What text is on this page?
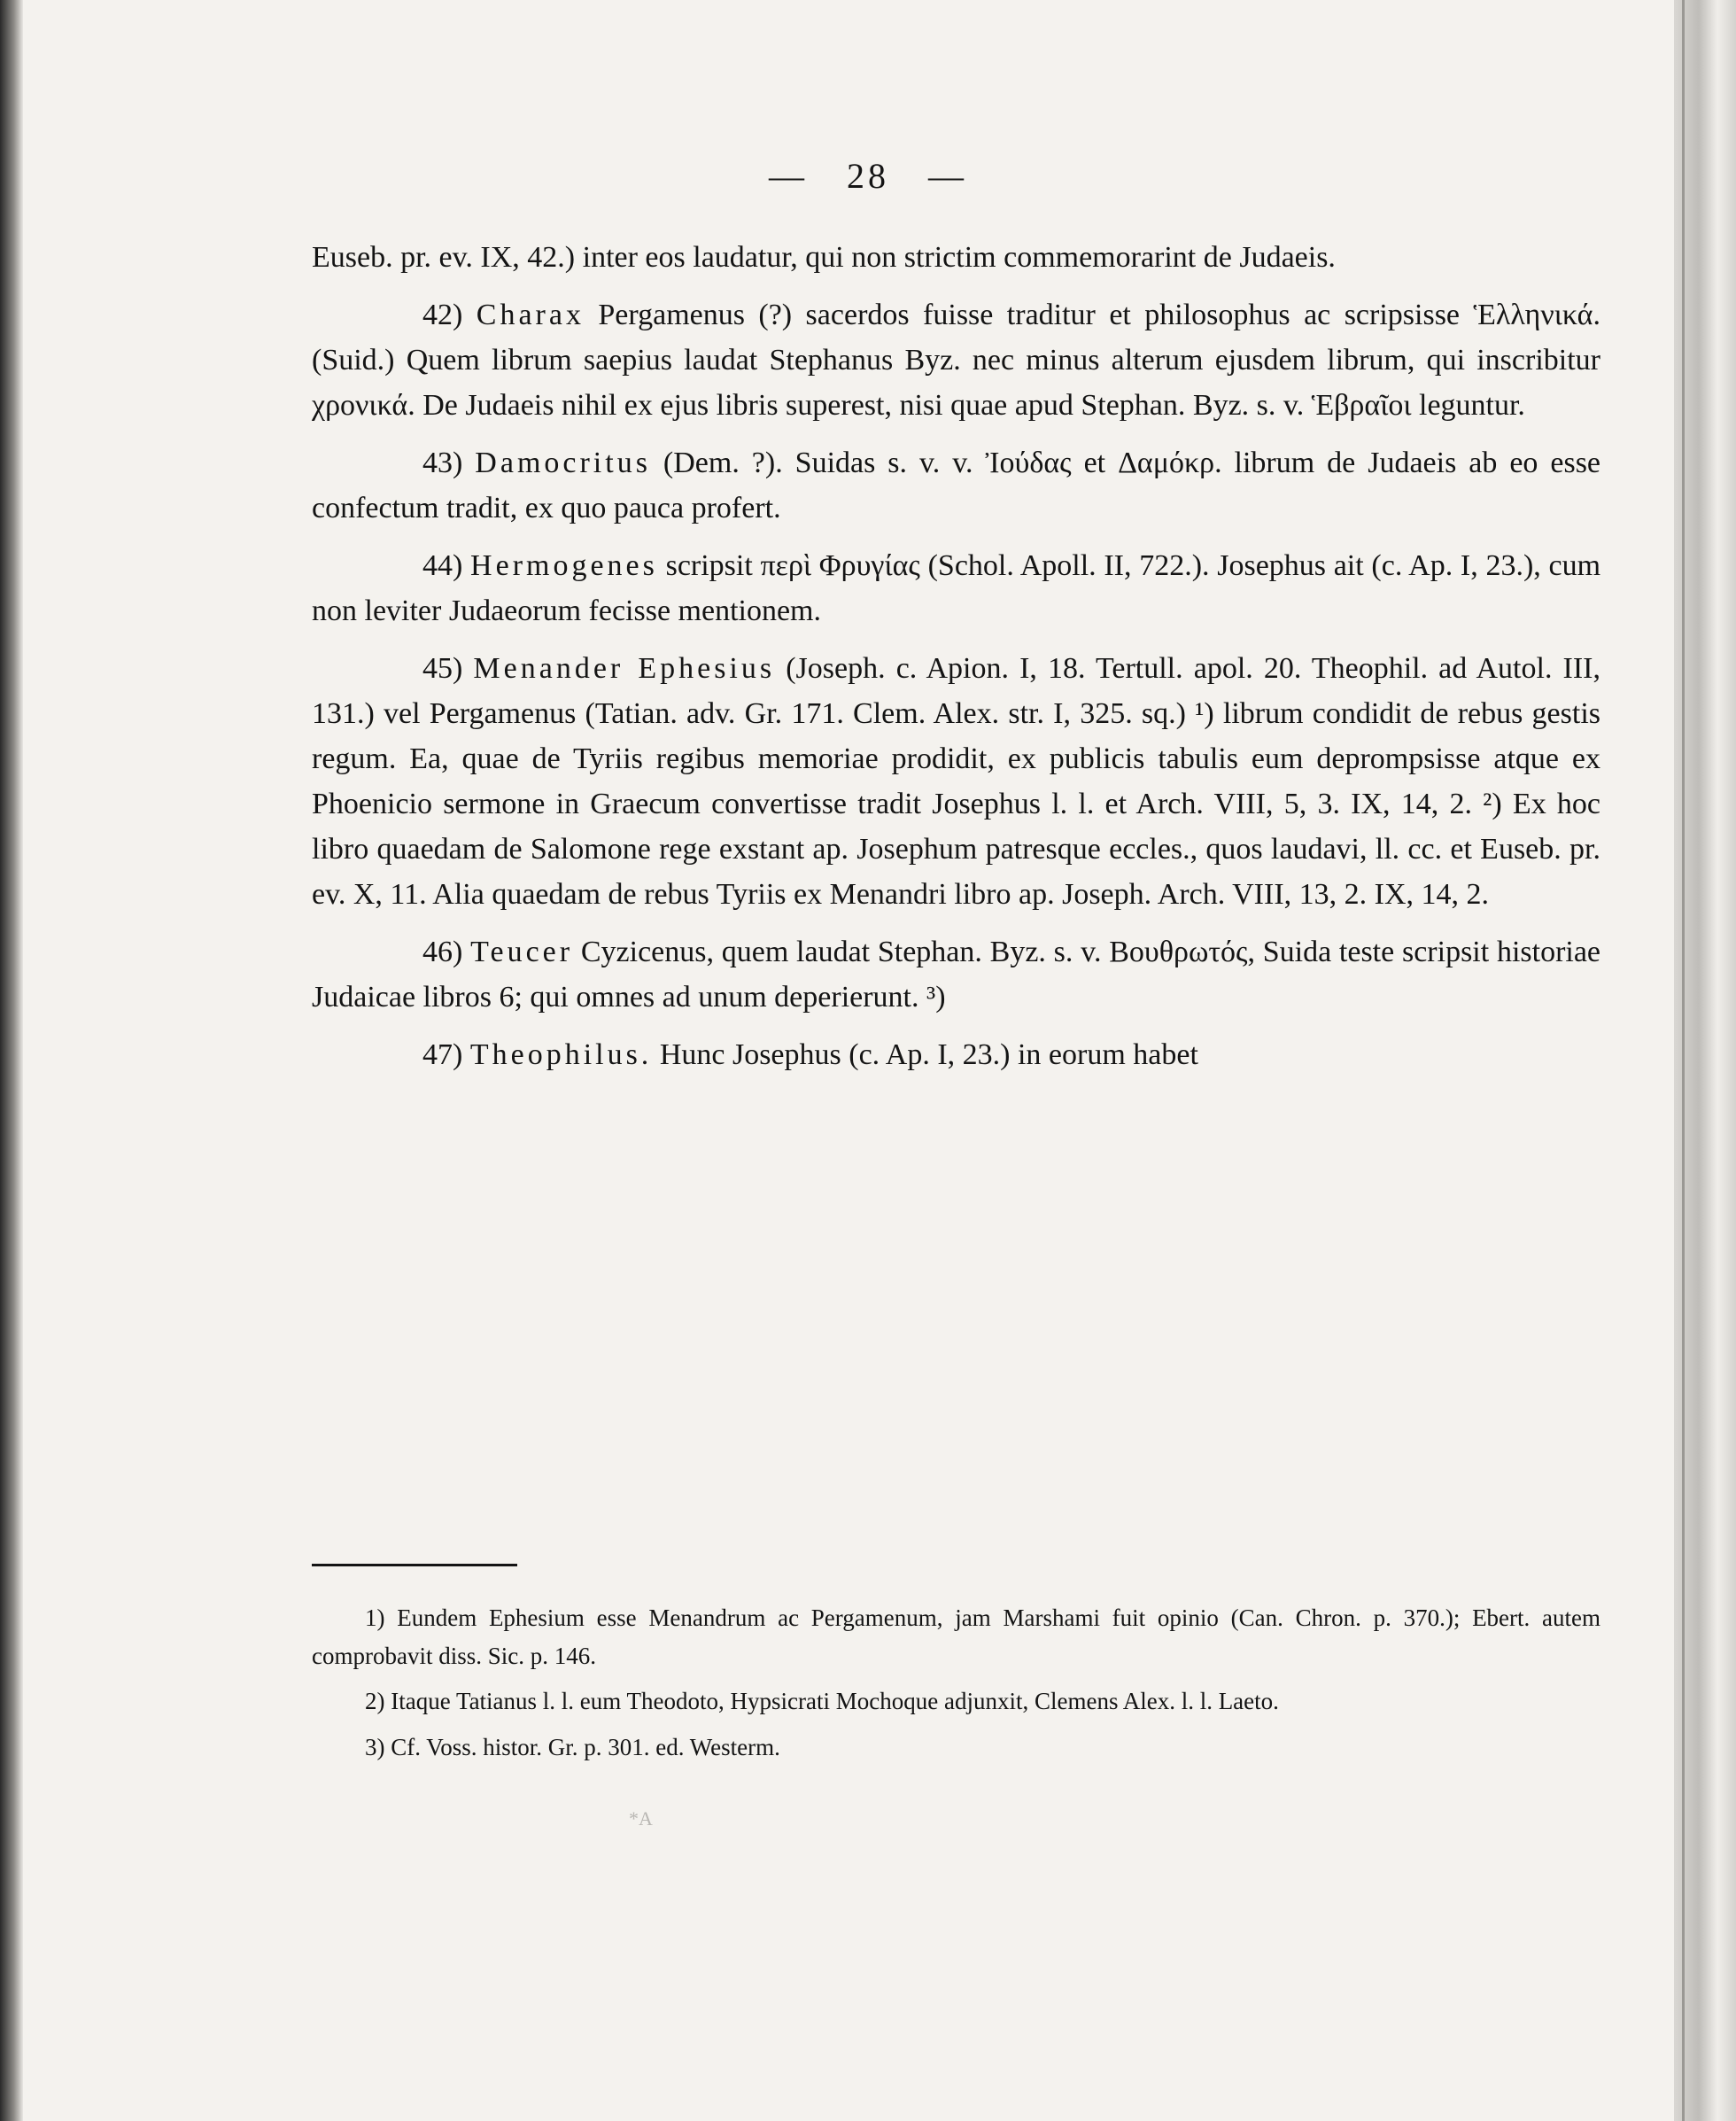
— 28 —

Euseb. pr. ev. IX, 42.) inter eos laudatur, qui non strictim commemorarint de Judaeis.

42) Charax Pergamenus (?) sacerdos fuisse traditur et philosophus ac scripsisse Ἑλληνικά. (Suid.) Quem librum saepius laudat Stephanus Byz. nec minus alterum ejusdem librum, qui inscribitur χρονικά. De Judaeis nihil ex ejus libris superest, nisi quae apud Stephan. Byz. s. v. Ἑβραῖοι leguntur.

43) Damocritus (Dem. ?). Suidas s. v. v. Ἰούδας et Δαμόκρ. librum de Judaeis ab eo esse confectum tradit, ex quo pauca profert.

44) Hermogenes scripsit περὶ Φρυγίας (Schol. Apoll. II, 722.). Josephus ait (c. Ap. I, 23.), cum non leviter Judaeorum fecisse mentionem.

45) Menander Ephesius (Joseph. c. Apion. I, 18. Tertull. apol. 20. Theophil. ad Autol. III, 131.) vel Pergamenus (Tatian. adv. Gr. 171. Clem. Alex. str. I, 325. sq.) ¹) librum condidit de rebus gestis regum. Ea, quae de Tyriis regibus memoriae prodidit, ex publicis tabulis eum deprompsisse atque ex Phoenicio sermone in Graecum convertisse tradit Josephus l. l. et Arch. VIII, 5, 3. IX, 14, 2. ²) Ex hoc libro quaedam de Salomone rege exstant ap. Josephum patresque eccles., quos laudavi, ll. cc. et Euseb. pr. ev. X, 11. Alia quaedam de rebus Tyriis ex Menandri libro ap. Joseph. Arch. VIII, 13, 2. IX, 14, 2.

46) Teucer Cyzicenus, quem laudat Stephan. Byz. s. v. Βουθρωτός, Suida teste scripsit historiae Judaicae libros 6; qui omnes ad unum deperierunt. ³)

47) Theophilus. Hunc Josephus (c. Ap. I, 23.) in eorum habet

1) Eundem Ephesium esse Menandrum ac Pergamenum, jam Marshami fuit opinio (Can. Chron. p. 370.); Ebert. autem comprobavit diss. Sic. p. 146.

2) Itaque Tatianus l. l. eum Theodoto, Hypsicrati Mochoque adjunxit, Clemens Alex. l. l. Laeto.

3) Cf. Voss. histor. Gr. p. 301. ed. Westerm.

*A
